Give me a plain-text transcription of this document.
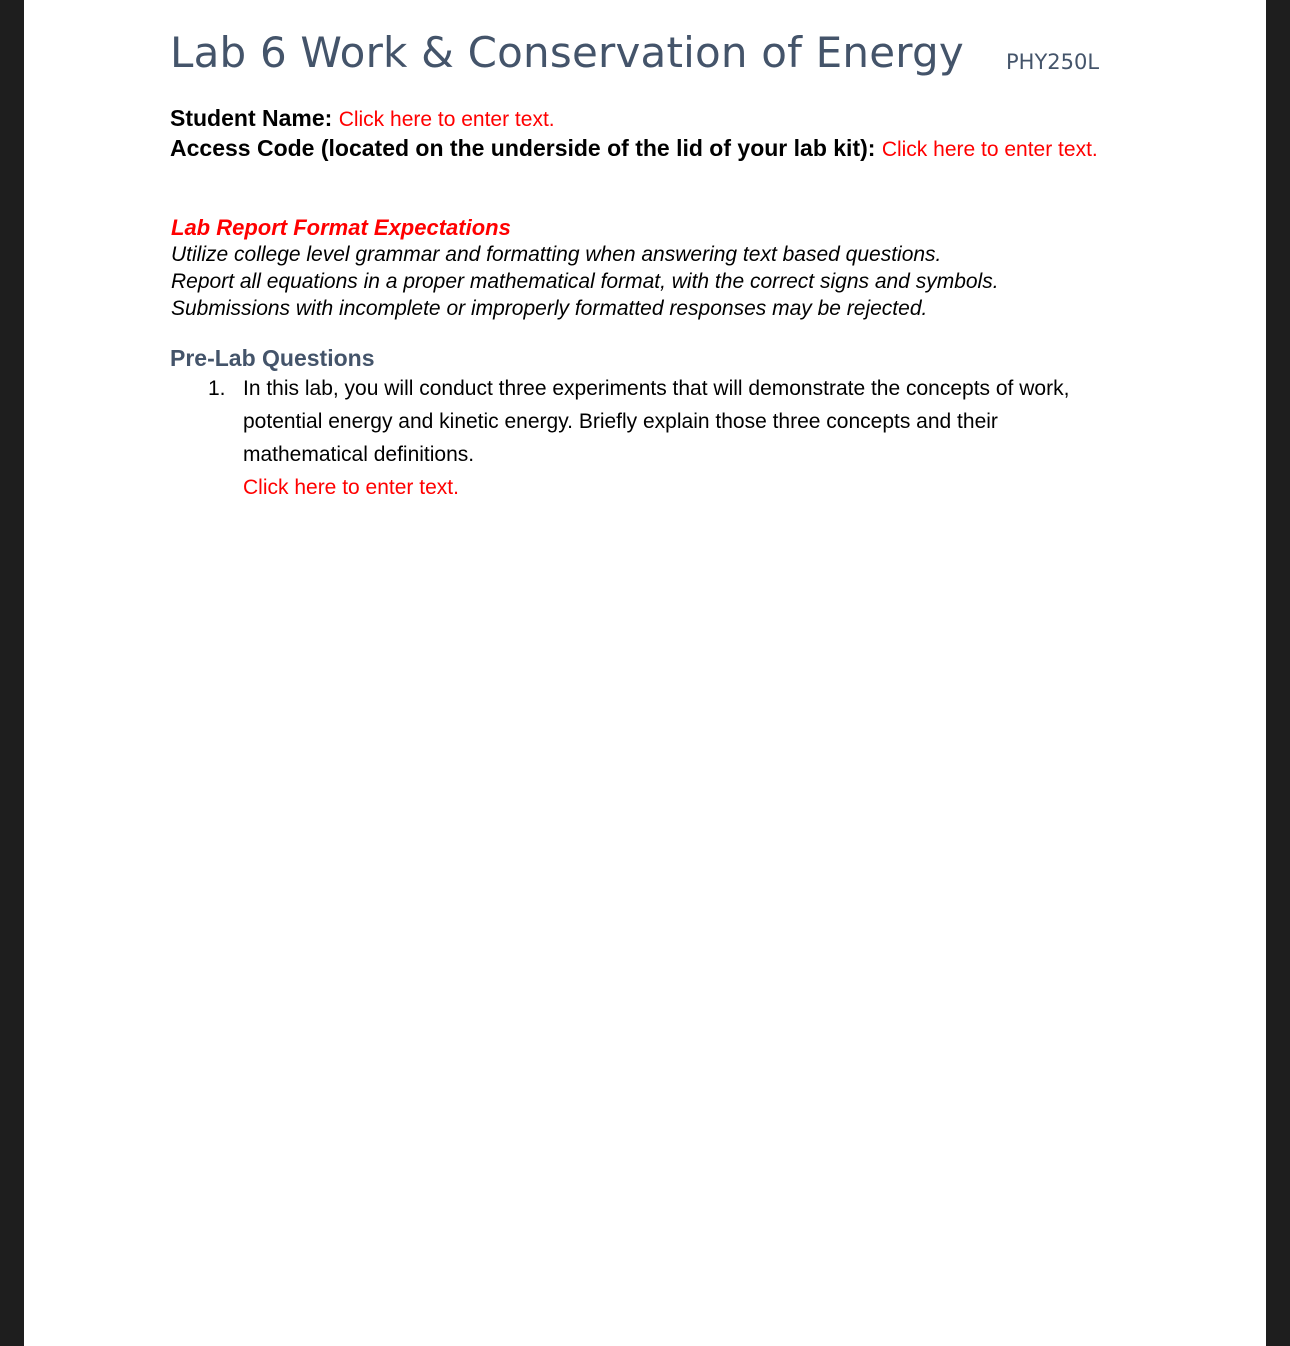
Lab 6 Work & Conservation of Energy PHY250L
Student Name: Click here to enter text.
Access Code (located on the underside of the lid of your lab kit): Click here to enter text.
Lab Report Format Expectations
Utilize college level grammar and formatting when answering text based questions.
Report all equations in a proper mathematical format, with the correct signs and symbols.
Submissions with incomplete or improperly formatted responses may be rejected.
Pre-Lab Questions
1. In this lab, you will conduct three experiments that will demonstrate the concepts of work, potential energy and kinetic energy. Briefly explain those three concepts and their mathematical definitions.
Click here to enter text.
